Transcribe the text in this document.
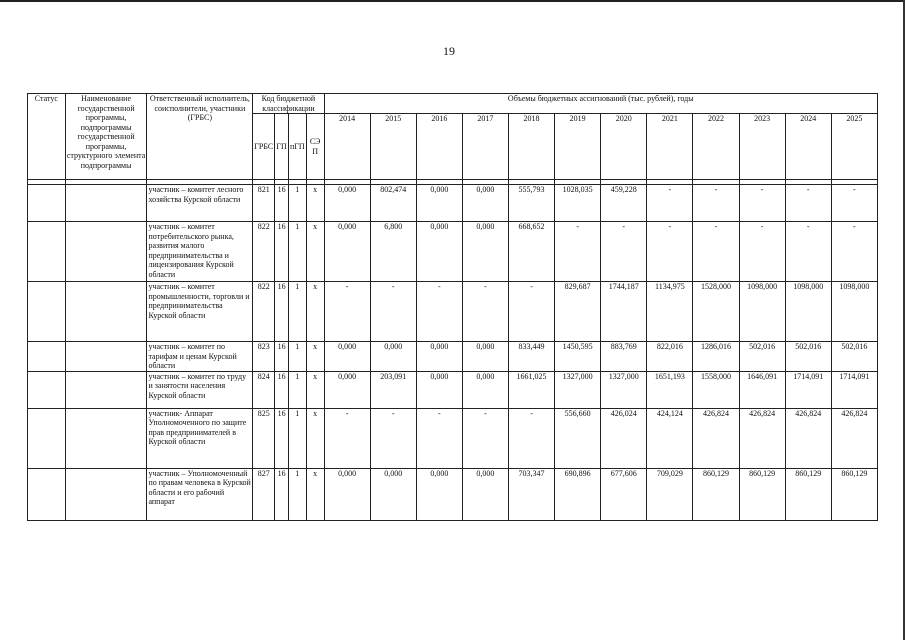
19
Статус	Наименование государственной программы, подпрограммы государственной программы, структурного элемента подпрограммы	Ответственный исполнитель, соисполнители, участники (ГРБС)	Код бюджетной классификации				Объемы бюджетных ассигнований (тыс. рублей), годы											
			ГРБС	ГП	пГП	СЭП	2014	2015	2016	2017	2018	2019	2020	2021	2022	2023	2024	2025

		участник – комитет лесного хозяйства Курской области	821	16	1	х	0,000	802,474	0,000	0,000	555,793	1028,035	459,228	-	-	-	-	-
		участник – комитет потребительского рынка, развития малого предпринимательства и лицензирования Курской области	822	16	1	х	0,000	6,800	0,000	0,000	668,652	-	-	-	-	-	-	-
		участник – комитет промышленности, торговли и предпринимательства Курской области	822	16	1	х	-	-	-	-	-	829,687	1744,187	1134,975	1528,000	1098,000	1098,000	1098,000
		участник – комитет по тарифам и ценам Курской области	823	16	1	х	0,000	0,000	0,000	0,000	833,449	1450,595	883,769	822,016	1286,016	502,016	502,016	502,016
		участник – комитет по труду и занятости населения Курской области	824	16	1	х	0,000	203,091	0,000	0,000	1661,025	1327,000	1327,000	1651,193	1558,000	1646,091	1714,091	1714,091
		участник- Аппарат Уполномоченного по защите прав предпринимателей в Курской области	825	16	1	х	-	-	-	-	-	556,660	426,024	424,124	426,824	426,824	426,824	426,824
		участник – Уполномоченный по правам человека в Курской области и его рабочий аппарат	827	16	1	х	0,000	0,000	0,000	0,000	703,347	690,896	677,606	709,029	860,129	860,129	860,129	860,129
